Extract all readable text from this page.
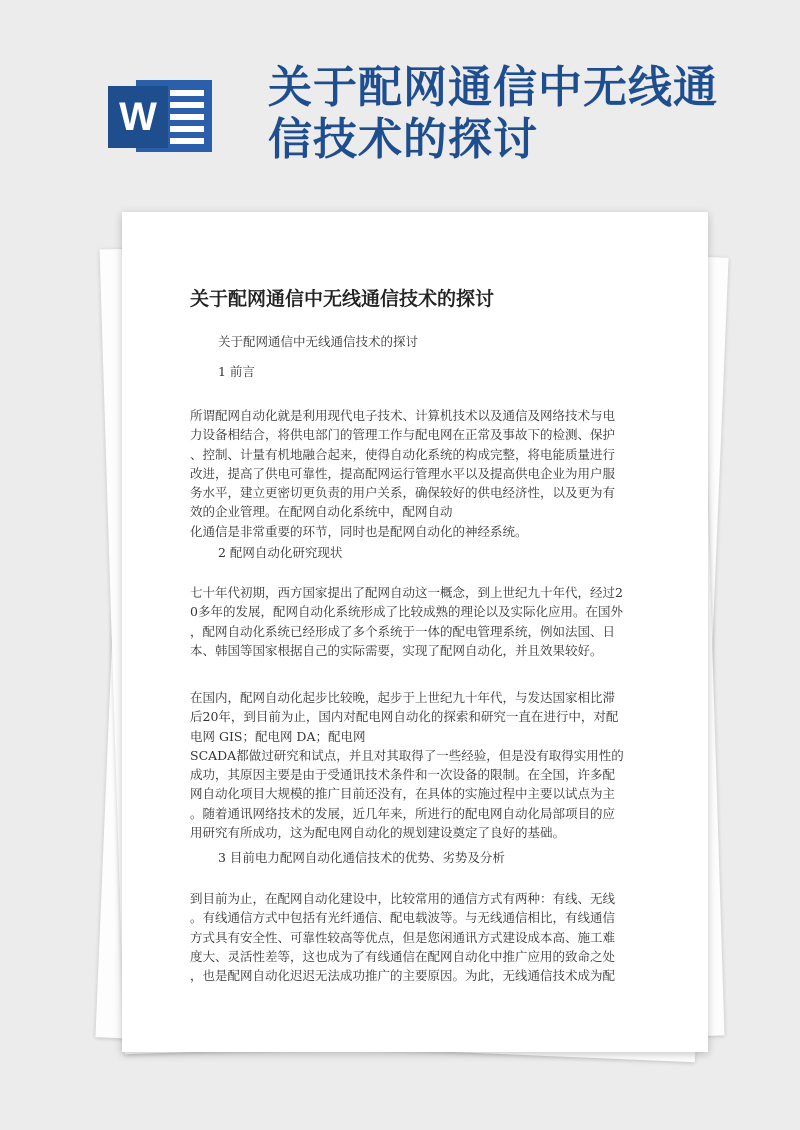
W
关于配网通信中无线通信技术的探讨
关于配网通信中无线通信技术的探讨
关于配网通信中无线通信技术的探讨
1 前言
所谓配网自动化就是利用现代电子技术、计算机技术以及通信及网络技术与电
力设备相结合，将供电部门的管理工作与配电网在正常及事故下的检测、保护
、控制、计量有机地融合起来，使得自动化系统的构成完整，将电能质量进行
改进，提高了供电可靠性，提高配网运行管理水平以及提高供电企业为用户服
务水平，建立更密切更负责的用户关系，确保较好的供电经济性，以及更为有
效的企业管理。在配网自动化系统中，配网自动
化通信是非常重要的环节，同时也是配网自动化的神经系统。
2 配网自动化研究现状
七十年代初期，西方国家提出了配网自动这一概念，到上世纪九十年代，经过2
0多年的发展，配网自动化系统形成了比较成熟的理论以及实际化应用。在国外
，配网自动化系统已经形成了多个系统于一体的配电管理系统，例如法国、日
本、韩国等国家根据自己的实际需要，实现了配网自动化，并且效果较好。
在国内，配网自动化起步比较晚，起步于上世纪九十年代，与发达国家相比滞
后20年，到目前为止，国内对配电网自动化的探索和研究一直在进行中，对配
电网 GIS；配电网 DA；配电网
SCADA都做过研究和试点，并且对其取得了一些经验，但是没有取得实用性的
成功，其原因主要是由于受通讯技术条件和一次设备的限制。在全国，许多配
网自动化项目大规模的推广目前还没有，在具体的实施过程中主要以试点为主
。随着通讯网络技术的发展，近几年来，所进行的配电网自动化局部项目的应
用研究有所成功，这为配电网自动化的规划建设奠定了良好的基础。
3 目前电力配网自动化通信技术的优势、劣势及分析
到目前为止，在配网自动化建设中，比较常用的通信方式有两种：有线、无线
。有线通信方式中包括有光纤通信、配电载波等。与无线通信相比，有线通信
方式具有安全性、可靠性较高等优点，但是您闲通讯方式建设成本高、施工难
度大、灵活性差等，这也成为了有线通信在配网自动化中推广应用的致命之处
，也是配网自动化迟迟无法成功推广的主要原因。为此，无线通信技术成为配
